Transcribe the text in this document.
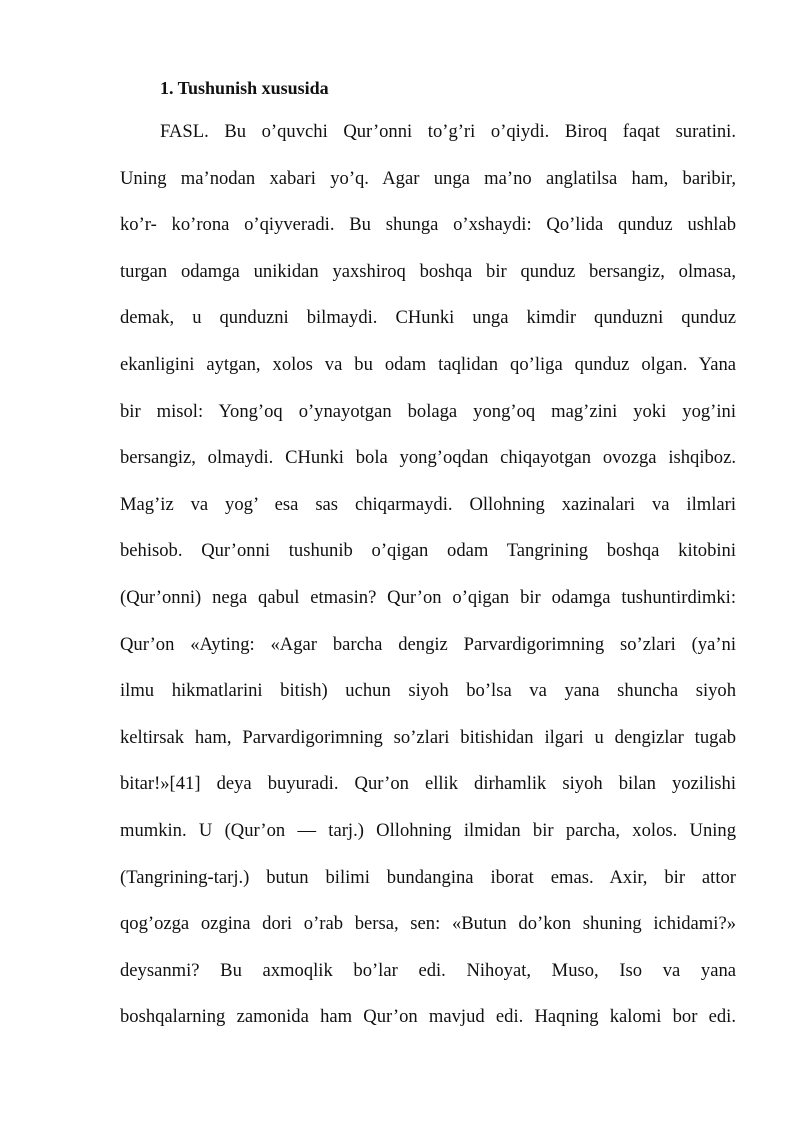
1. Tushunish xususida
FASL. Bu o’quvchi Qur’onni to’g’ri o’qiydi. Biroq faqat suratini.
Uning ma’nodan xabari yo’q. Agar unga ma’no anglatilsa ham, baribir,
ko’r- ko’rona o’qiyveradi. Bu shunga o’xshaydi: Qo’lida qunduz ushlab
turgan odamga unikidan yaxshiroq boshqa bir qunduz bersangiz, olmasa,
demak, u qunduzni bilmaydi. CHunki unga kimdir qunduzni qunduz
ekanligini aytgan, xolos va bu odam taqlidan qo’liga qunduz olgan. Yana
bir misol: Yong’oq o’ynayotgan bolaga yong’oq mag’zini yoki yog’ini
bersangiz, olmaydi. CHunki bola yong’oqdan chiqayotgan ovozga ishqiboz.
Mag’iz va yog’ esa sas chiqarmaydi. Ollohning xazinalari va ilmlari
behisob. Qur’onni tushunib o’qigan odam Tangrining boshqa kitobini
(Qur’onni) nega qabul etmasin? Qur’on o’qigan bir odamga tushuntirdimki:
Qur’on «Ayting: «Agar barcha dengiz Parvardigorimning so’zlari (ya’ni
ilmu hikmatlarini bitish) uchun siyoh bo’lsa va yana shuncha siyoh
keltirsak ham, Parvardigorimning so’zlari bitishidan ilgari u dengizlar tugab
bitar!»[41] deya buyuradi. Qur’on ellik dirhamlik siyoh bilan yozilishi
mumkin. U (Qur’on — tarj.) Ollohning ilmidan bir parcha, xolos. Uning
(Tangrining-tarj.) butun bilimi bundangina iborat emas. Axir, bir attor
qog’ozga ozgina dori o’rab bersa, sen: «Butun do’kon shuning ichidami?»
deysanmi? Bu axmoqlik bo’lar edi. Nihoyat, Muso, Iso va yana
boshqalarning zamonida ham Qur’on mavjud edi. Haqning kalomi bor edi.
